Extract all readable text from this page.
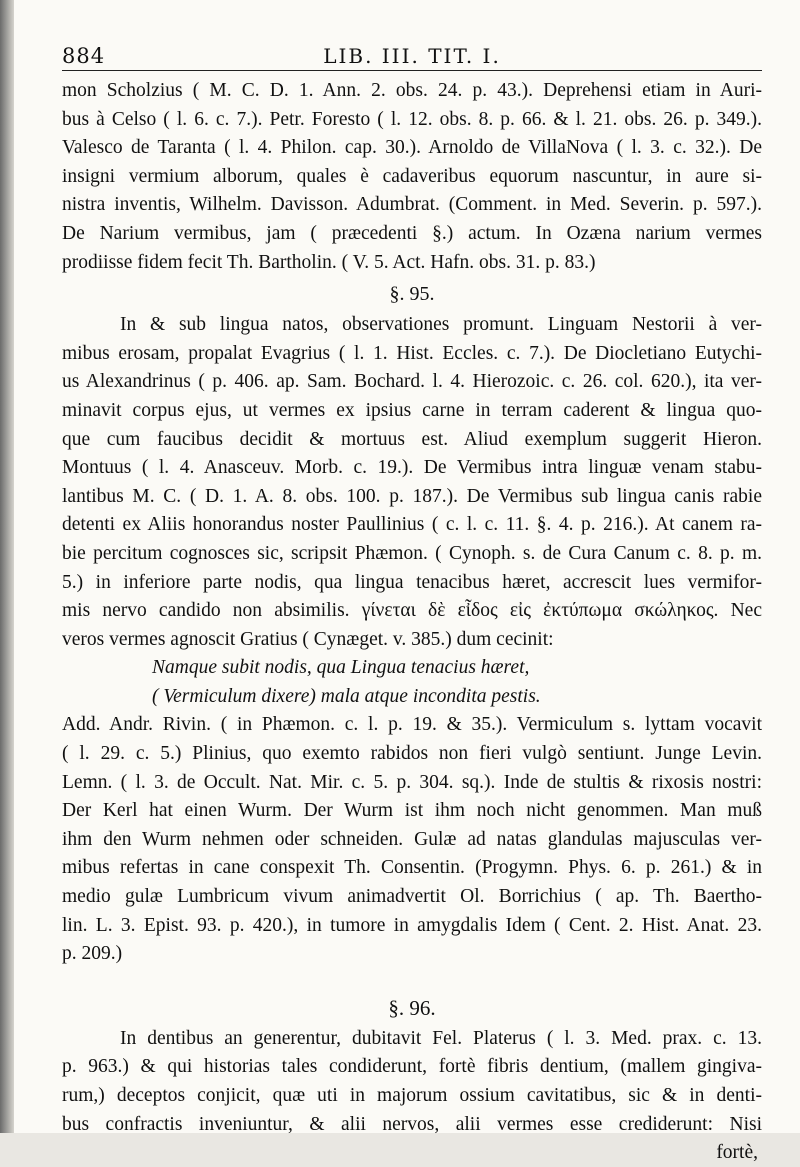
884	LIB. III. TIT. I.
mon Scholzius ( M. C. D. 1. Ann. 2. obs. 24. p. 43.). Deprehensi etiam in Auri-
bus à Celso ( l. 6. c. 7.). Petr. Foresto ( l. 12. obs. 8. p. 66. & l. 21. obs. 26. p. 349.).
Valesco de Taranta ( l. 4. Philon. cap. 30.). Arnoldo de VillaNova ( l. 3. c. 32.). De
insigni vermium alborum, quales è cadaveribus equorum nascuntur, in aure si-
nistra inventis, Wilhelm. Davisson. Adumbrat. (Comment. in Med. Severin. p. 597.).
De Narium vermibus, jam ( præcedenti §.) actum. In Ozæna narium vermes
prodiisse fidem fecit Th. Bartholin. ( V. 5. Act. Hafn. obs. 31. p. 83.)
§. 95.
In & sub lingua natos, observationes promunt. Linguam Nestorii à ver-
mibus erosam, propalat Evagrius ( l. 1. Hist. Eccles. c. 7.). De Diocletiano Eutychi-
us Alexandrinus ( p. 406. ap. Sam. Bochard. l. 4. Hierozoic. c. 26. col. 620.), ita ver-
minavit corpus ejus, ut vermes ex ipsius carne in terram caderent & lingua quo-
que cum faucibus decidit & mortuus est. Aliud exemplum suggerit Hieron.
Montuus ( l. 4. Anasceuv. Morb. c. 19.). De Vermibus intra linguæ venam stabu-
lantibus M. C. ( D. 1. A. 8. obs. 100. p. 187.). De Vermibus sub lingua canis rabie
detenti ex Aliis honorandus noster Paullinius ( c. l. c. 11. §. 4. p. 216.). At canem ra-
bie percitum cognosces sic, scripsit Phæmon. ( Cynoph. s. de Cura Canum c. 8. p. m.
5.) in inferiore parte nodis, qua lingua tenacibus hæret, accrescit lues vermifor-
mis nervo candido non absimilis. γίνεται δὲ εἶδος εἰς ἐκτύπωμα σκώληκος. Nec
veros vermes agnoscit Gratius ( Cynæget. v. 385.) dum cecinit:
Namque subit nodis, qua Lingua tenacius hæret,
( Vermiculum dixere) mala atque incondita pestis.
Add. Andr. Rivin. ( in Phæmon. c. l. p. 19. & 35.). Vermiculum s. lyttam vocavit
( l. 29. c. 5.) Plinius, quo exemto rabidos non fieri vulgò sentiunt. Junge Levin.
Lemn. ( l. 3. de Occult. Nat. Mir. c. 5. p. 304. sq.). Inde de stultis & rixosis nostri:
Der Kerl hat einen Wurm. Der Wurm ist ihm noch nicht genommen. Man muß
ihm den Wurm nehmen oder schneiden. Gulæ ad natas glandulas majusculas ver-
mibus refertas in cane conspexit Th. Consentin. (Progymn. Phys. 6. p. 261.) & in
medio gulæ Lumbricum vivum animadvertit Ol. Borrichius ( ap. Th. Baertho-
lin. L. 3. Epist. 93. p. 420.), in tumore in amygdalis Idem ( Cent. 2. Hist. Anat. 23.
p. 209.)
§. 96.
In dentibus an generentur, dubitavit Fel. Platerus ( l. 3. Med. prax. c. 13.
p. 963.) & qui historias tales condiderunt, fortè fibris dentium, (mallem gingiva-
rum,) deceptos conjicit, quæ uti in majorum ossium cavitatibus, sic & in denti-
bus confractis inveniuntur, & alii nervos, alii vermes esse crediderunt: Nisi
fortè,
